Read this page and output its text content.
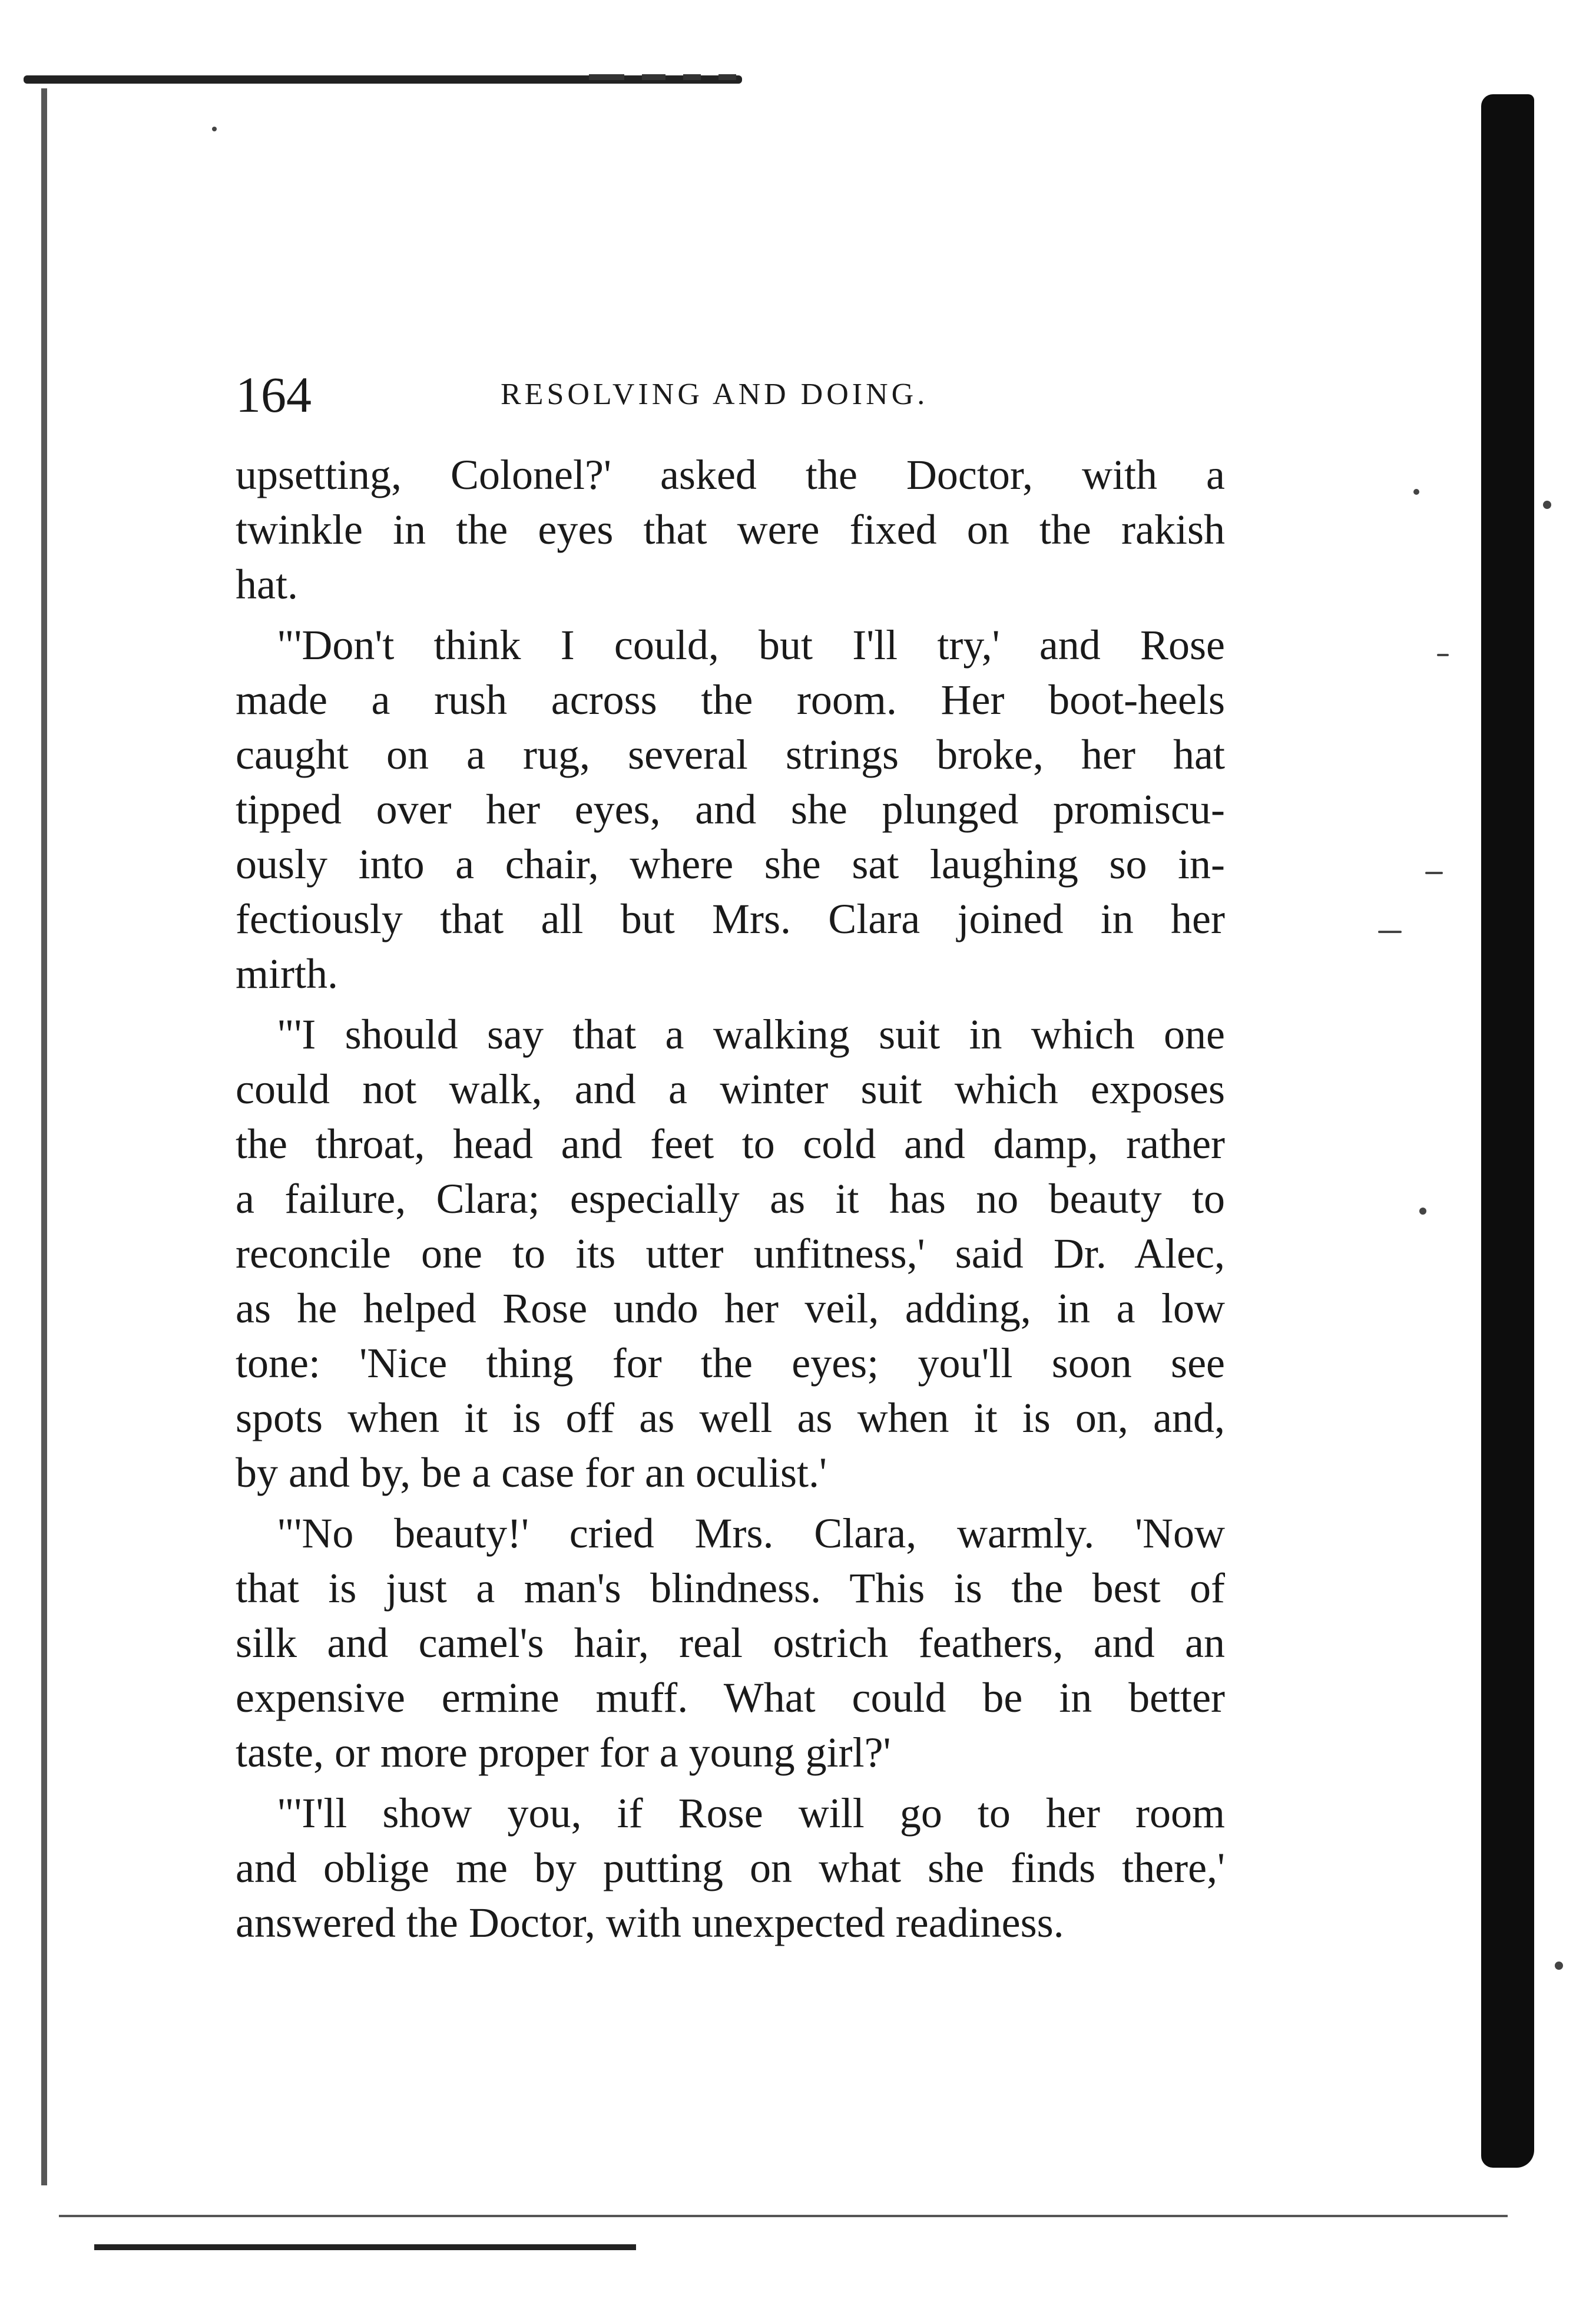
164	RESOLVING AND DOING.
upsetting, Colonel?' asked the Doctor, with a
twinkle in the eyes that were fixed on the rakish
hat.
"'Don't think I could, but I'll try,' and Rose
made a rush across the room. Her boot-heels
caught on a rug, several strings broke, her hat
tipped over her eyes, and she plunged promiscu-
ously into a chair, where she sat laughing so in-
fectiously that all but Mrs. Clara joined in her
mirth.
"'I should say that a walking suit in which one
could not walk, and a winter suit which exposes
the throat, head and feet to cold and damp, rather
a failure, Clara; especially as it has no beauty to
reconcile one to its utter unfitness,' said Dr. Alec,
as he helped Rose undo her veil, adding, in a low
tone: 'Nice thing for the eyes; you'll soon see
spots when it is off as well as when it is on, and,
by and by, be a case for an oculist.'
"'No beauty!' cried Mrs. Clara, warmly. 'Now
that is just a man's blindness. This is the best of
silk and camel's hair, real ostrich feathers, and an
expensive ermine muff. What could be in better
taste, or more proper for a young girl?'
"'I'll show you, if Rose will go to her room
and oblige me by putting on what she finds there,'
answered the Doctor, with unexpected readiness.
